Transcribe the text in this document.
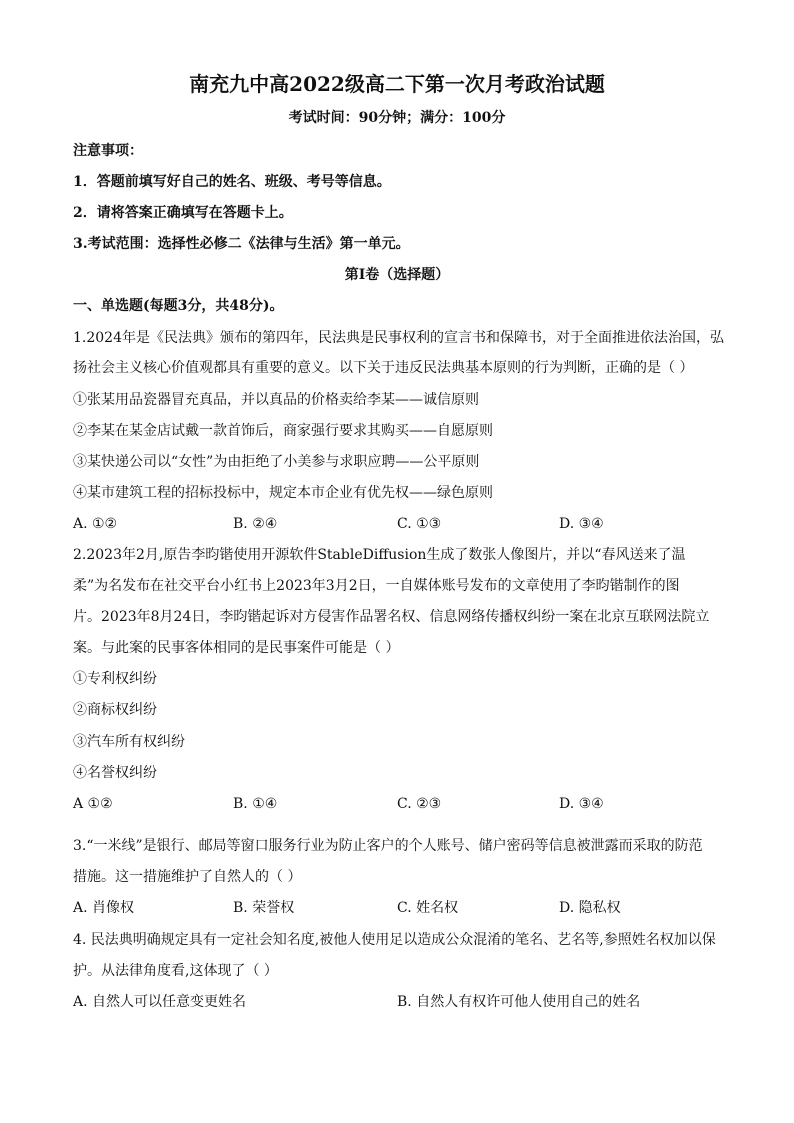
南充九中高2022级高二下第一次月考政治试题
考试时间：90分钟；满分：100分
注意事项：
1．答题前填写好自己的姓名、班级、考号等信息。
2．请将答案正确填写在答题卡上。
3.考试范围：选择性必修二《法律与生活》第一单元。
第I卷（选择题）
一、单选题(每题3分，共48分)。
1.2024年是《民法典》颁布的第四年，民法典是民事权利的宣言书和保障书，对于全面推进依法治国，弘
扬社会主义核心价值观都具有重要的意义。以下关于违反民法典基本原则的行为判断，正确的是（ ）
①张某用品瓷器冒充真品，并以真品的价格卖给李某——诚信原则
②李某在某金店试戴一款首饰后，商家强行要求其购买——自愿原则
③某快递公司以“女性”为由拒绝了小美参与求职应聘——公平原则
④某市建筑工程的招标投标中，规定本市企业有优先权——绿色原则
A. ①②	B. ②④	C. ①③	D. ③④
2.2023年2月,原告李昀锴使用开源软件StableDiffusion生成了数张人像图片，并以“春风送来了温
柔”为名发布在社交平台小红书上2023年3月2日，一自媒体账号发布的文章使用了李昀锴制作的图
片。2023年8月24日，李昀锴起诉对方侵害作品署名权、信息网络传播权纠纷一案在北京互联网法院立
案。与此案的民事客体相同的是民事案件可能是（ ）
①专利权纠纷
②商标权纠纷
③汽车所有权纠纷
④名誉权纠纷
A ①②	B. ①④	C. ②③	D. ③④
3.“一米线”是银行、邮局等窗口服务行业为防止客户的个人账号、储户密码等信息被泄露而采取的防范
措施。这一措施维护了自然人的（ ）
A. 肖像权	B. 荣誉权	C. 姓名权	D. 隐私权
4. 民法典明确规定具有一定社会知名度,被他人使用足以造成公众混淆的笔名、艺名等,参照姓名权加以保
护。从法律角度看,这体现了（ ）
A. 自然人可以任意变更姓名	B. 自然人有权许可他人使用自己的姓名
